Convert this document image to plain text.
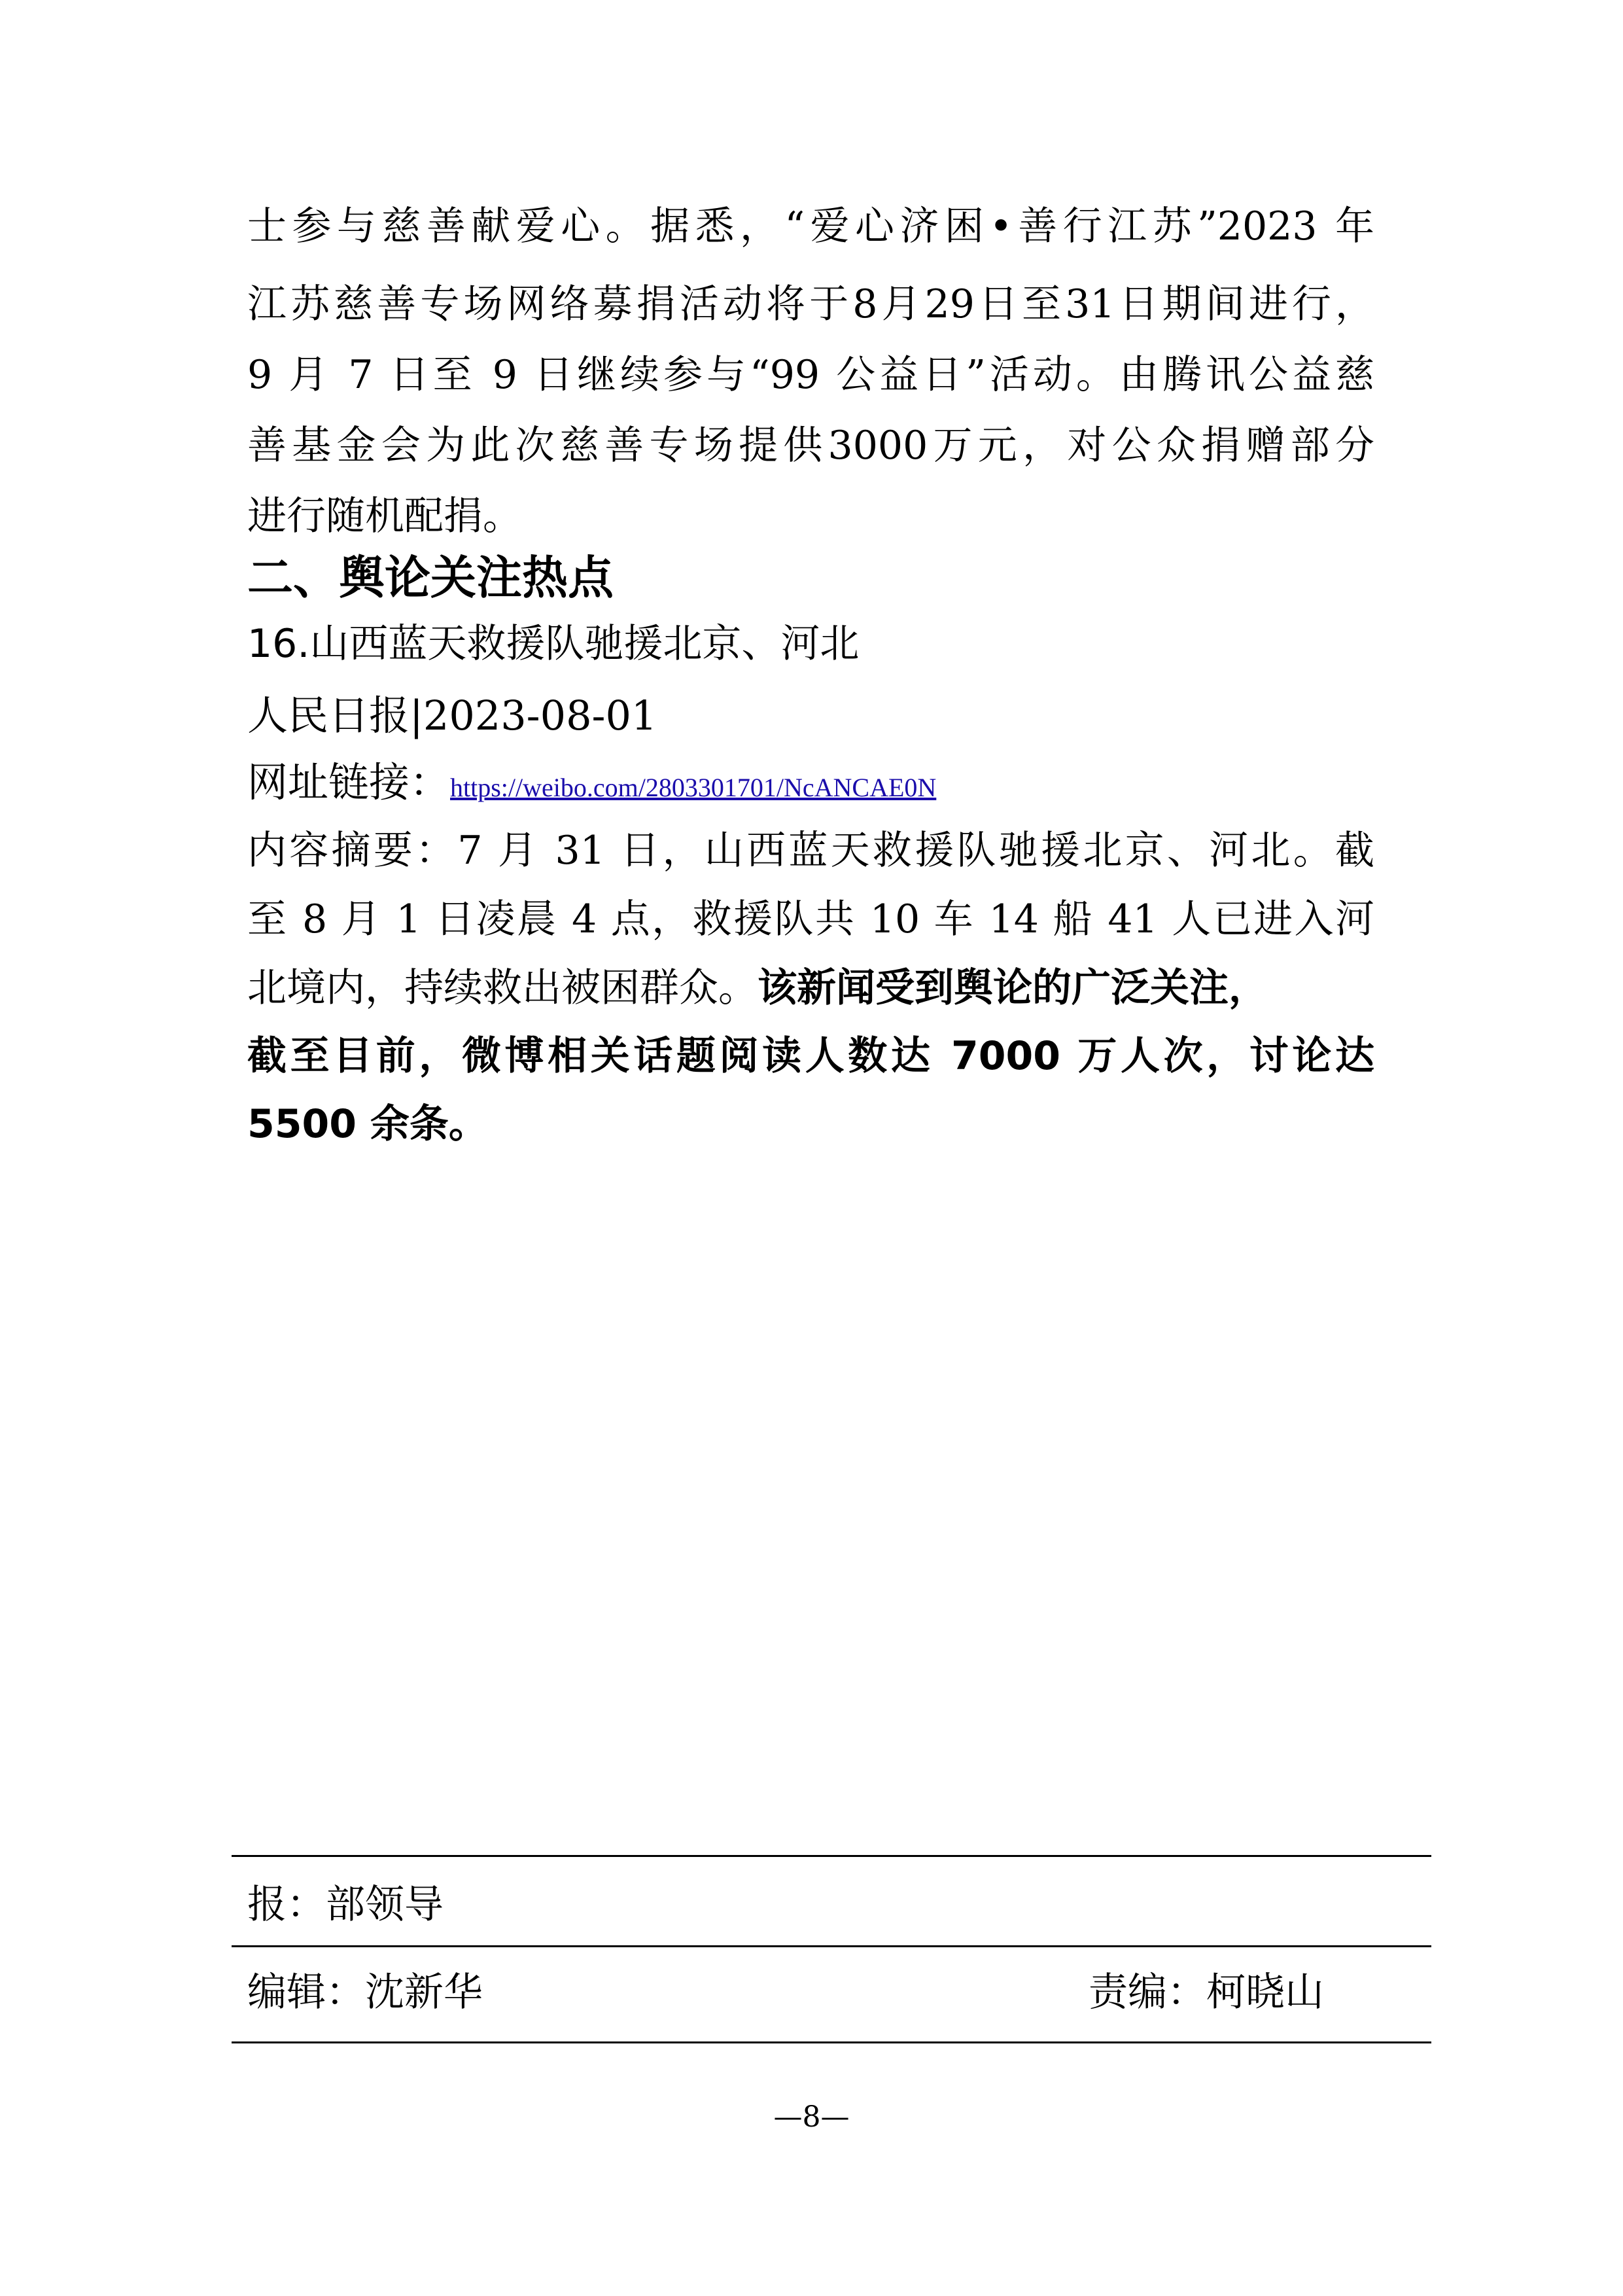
士参与慈善献爱心。据悉，“爱心济困•善行江苏”2023 年
江苏慈善专场网络募捐活动将于8月29日至31日期间进行，
9 月 7 日至 9 日继续参与“99 公益日”活动。由腾讯公益慈
善基金会为此次慈善专场提供3000万元，对公众捐赠部分
进行随机配捐。
二、舆论关注热点
16.山西蓝天救援队驰援北京、河北
人民日报|2023-08-01
网址链接：https://weibo.com/2803301701/NcANCAE0N
内容摘要：7 月 31 日，山西蓝天救援队驰援北京、河北。截
至 8 月 1 日凌晨 4 点，救援队共 10 车 14 船 41 人已进入河
北境内，持续救出被困群众。该新闻受到舆论的广泛关注，
截至目前，微博相关话题阅读人数达 7000 万人次，讨论达
5500 余条。
报：部领导
编辑：沈新华	责编：柯晓山
—8—
